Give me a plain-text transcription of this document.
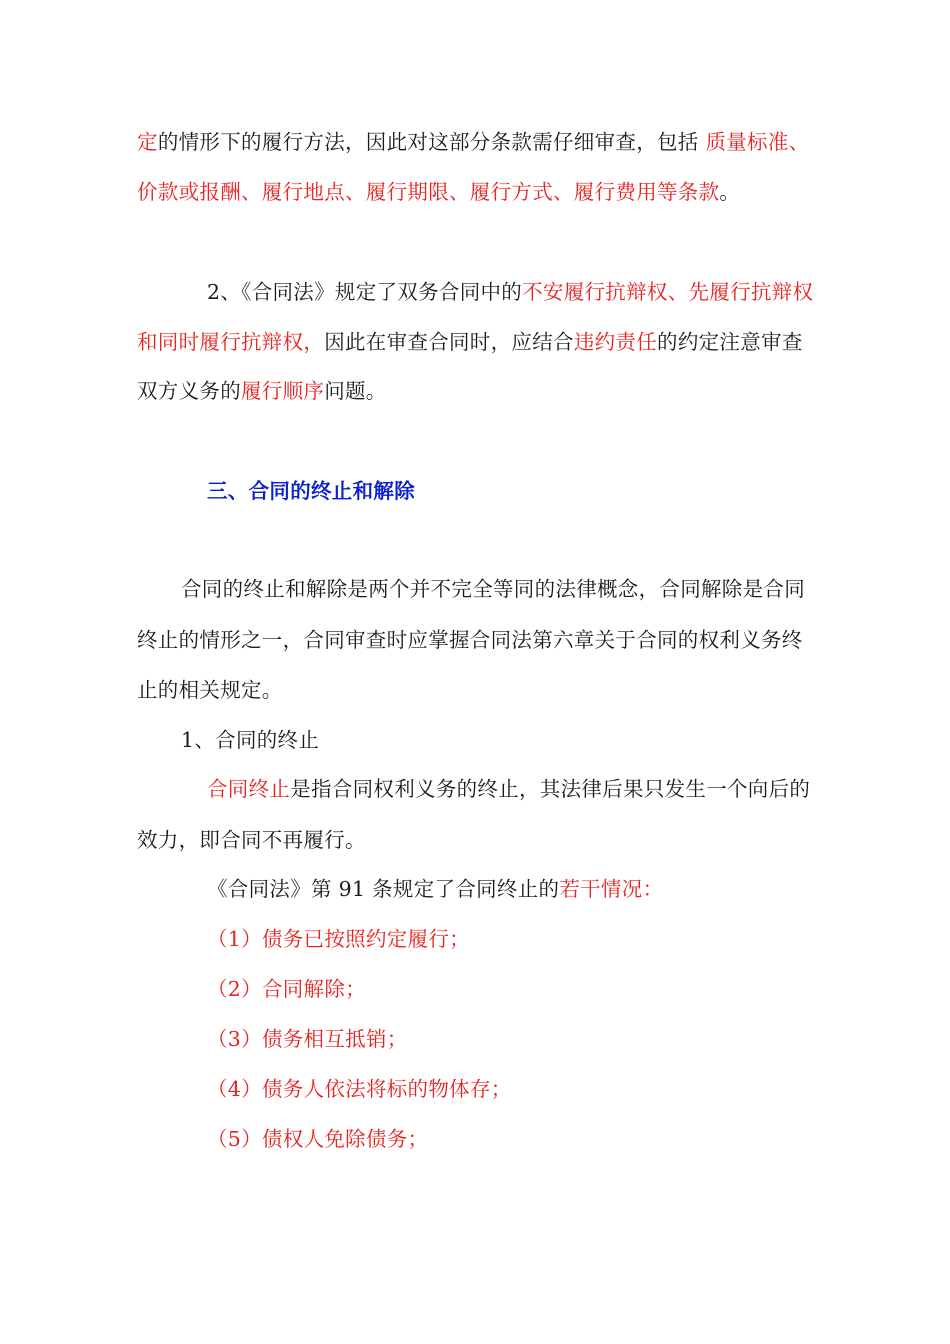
定的情形下的履行方法，因此对这部分条款需仔细审查，包括 质量标准、
价款或报酬、履行地点、履行期限、履行方式、履行费用等条款。
2、《合同法》规定了双务合同中的不安履行抗辩权、先履行抗辩权
和同时履行抗辩权，因此在审查合同时，应结合违约责任的约定注意审查
双方义务的履行顺序问题。
三、合同的终止和解除
合同的终止和解除是两个并不完全等同的法律概念，合同解除是合同
终止的情形之一，合同审查时应掌握合同法第六章关于合同的权利义务终
止的相关规定。
1、合同的终止
合同终止是指合同权利义务的终止，其法律后果只发生一个向后的
效力，即合同不再履行。
《合同法》第 91 条规定了合同终止的若干情况：
（1）债务已按照约定履行；
（2）合同解除；
（3）债务相互抵销；
（4）债务人依法将标的物体存；
（5）债权人免除债务；
